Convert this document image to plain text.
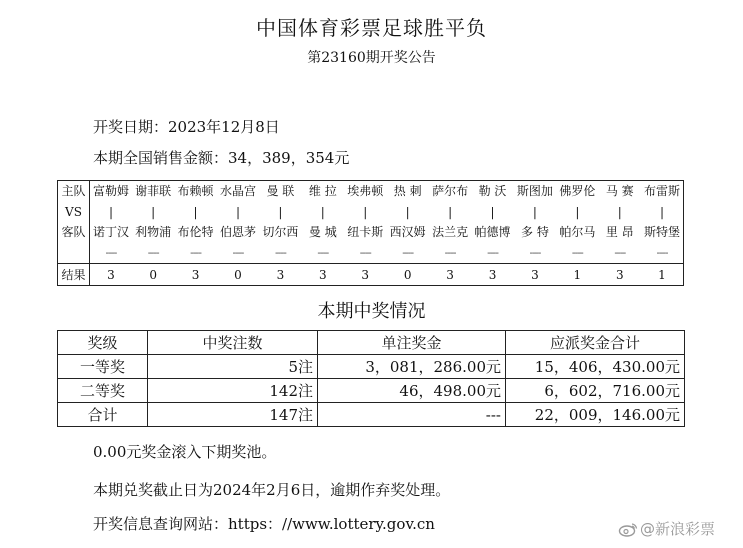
中国体育彩票足球胜平负
第23160期开奖公告
开奖日期：2023年12月8日
本期全国销售金额：34，389，354元
主队	富勒姆	谢菲联	布赖顿	水晶宫	曼 联	维 拉	埃弗顿	热 刺	萨尔布	勒 沃	斯图加	佛罗伦	马 赛	布雷斯
VS	|	|	|	|	|	|	|	|	|	|	|	|	|	|
客队	诺丁汉	利物浦	布伦特	伯恩茅	切尔西	曼 城	纽卡斯	西汉姆	法兰克	帕德博	多 特	帕尔马	里 昂	斯特堡
	----	----	----	----	----	----	----	----	----	----	----	----	----	----
结果	3	0	3	0	3	3	3	0	3	3	3	1	3	1
本期中奖情况
奖级	中奖注数	单注奖金	应派奖金合计
一等奖	5注	3，081，286.00元	15，406，430.00元
二等奖	142注	46，498.00元	6，602，716.00元
合计	147注	---	22，009，146.00元
0.00元奖金滚入下期奖池。
本期兑奖截止日为2024年2月6日，逾期作弃奖处理。
开奖信息查询网站：https：//www.lottery.gov.cn	@新浪彩票
